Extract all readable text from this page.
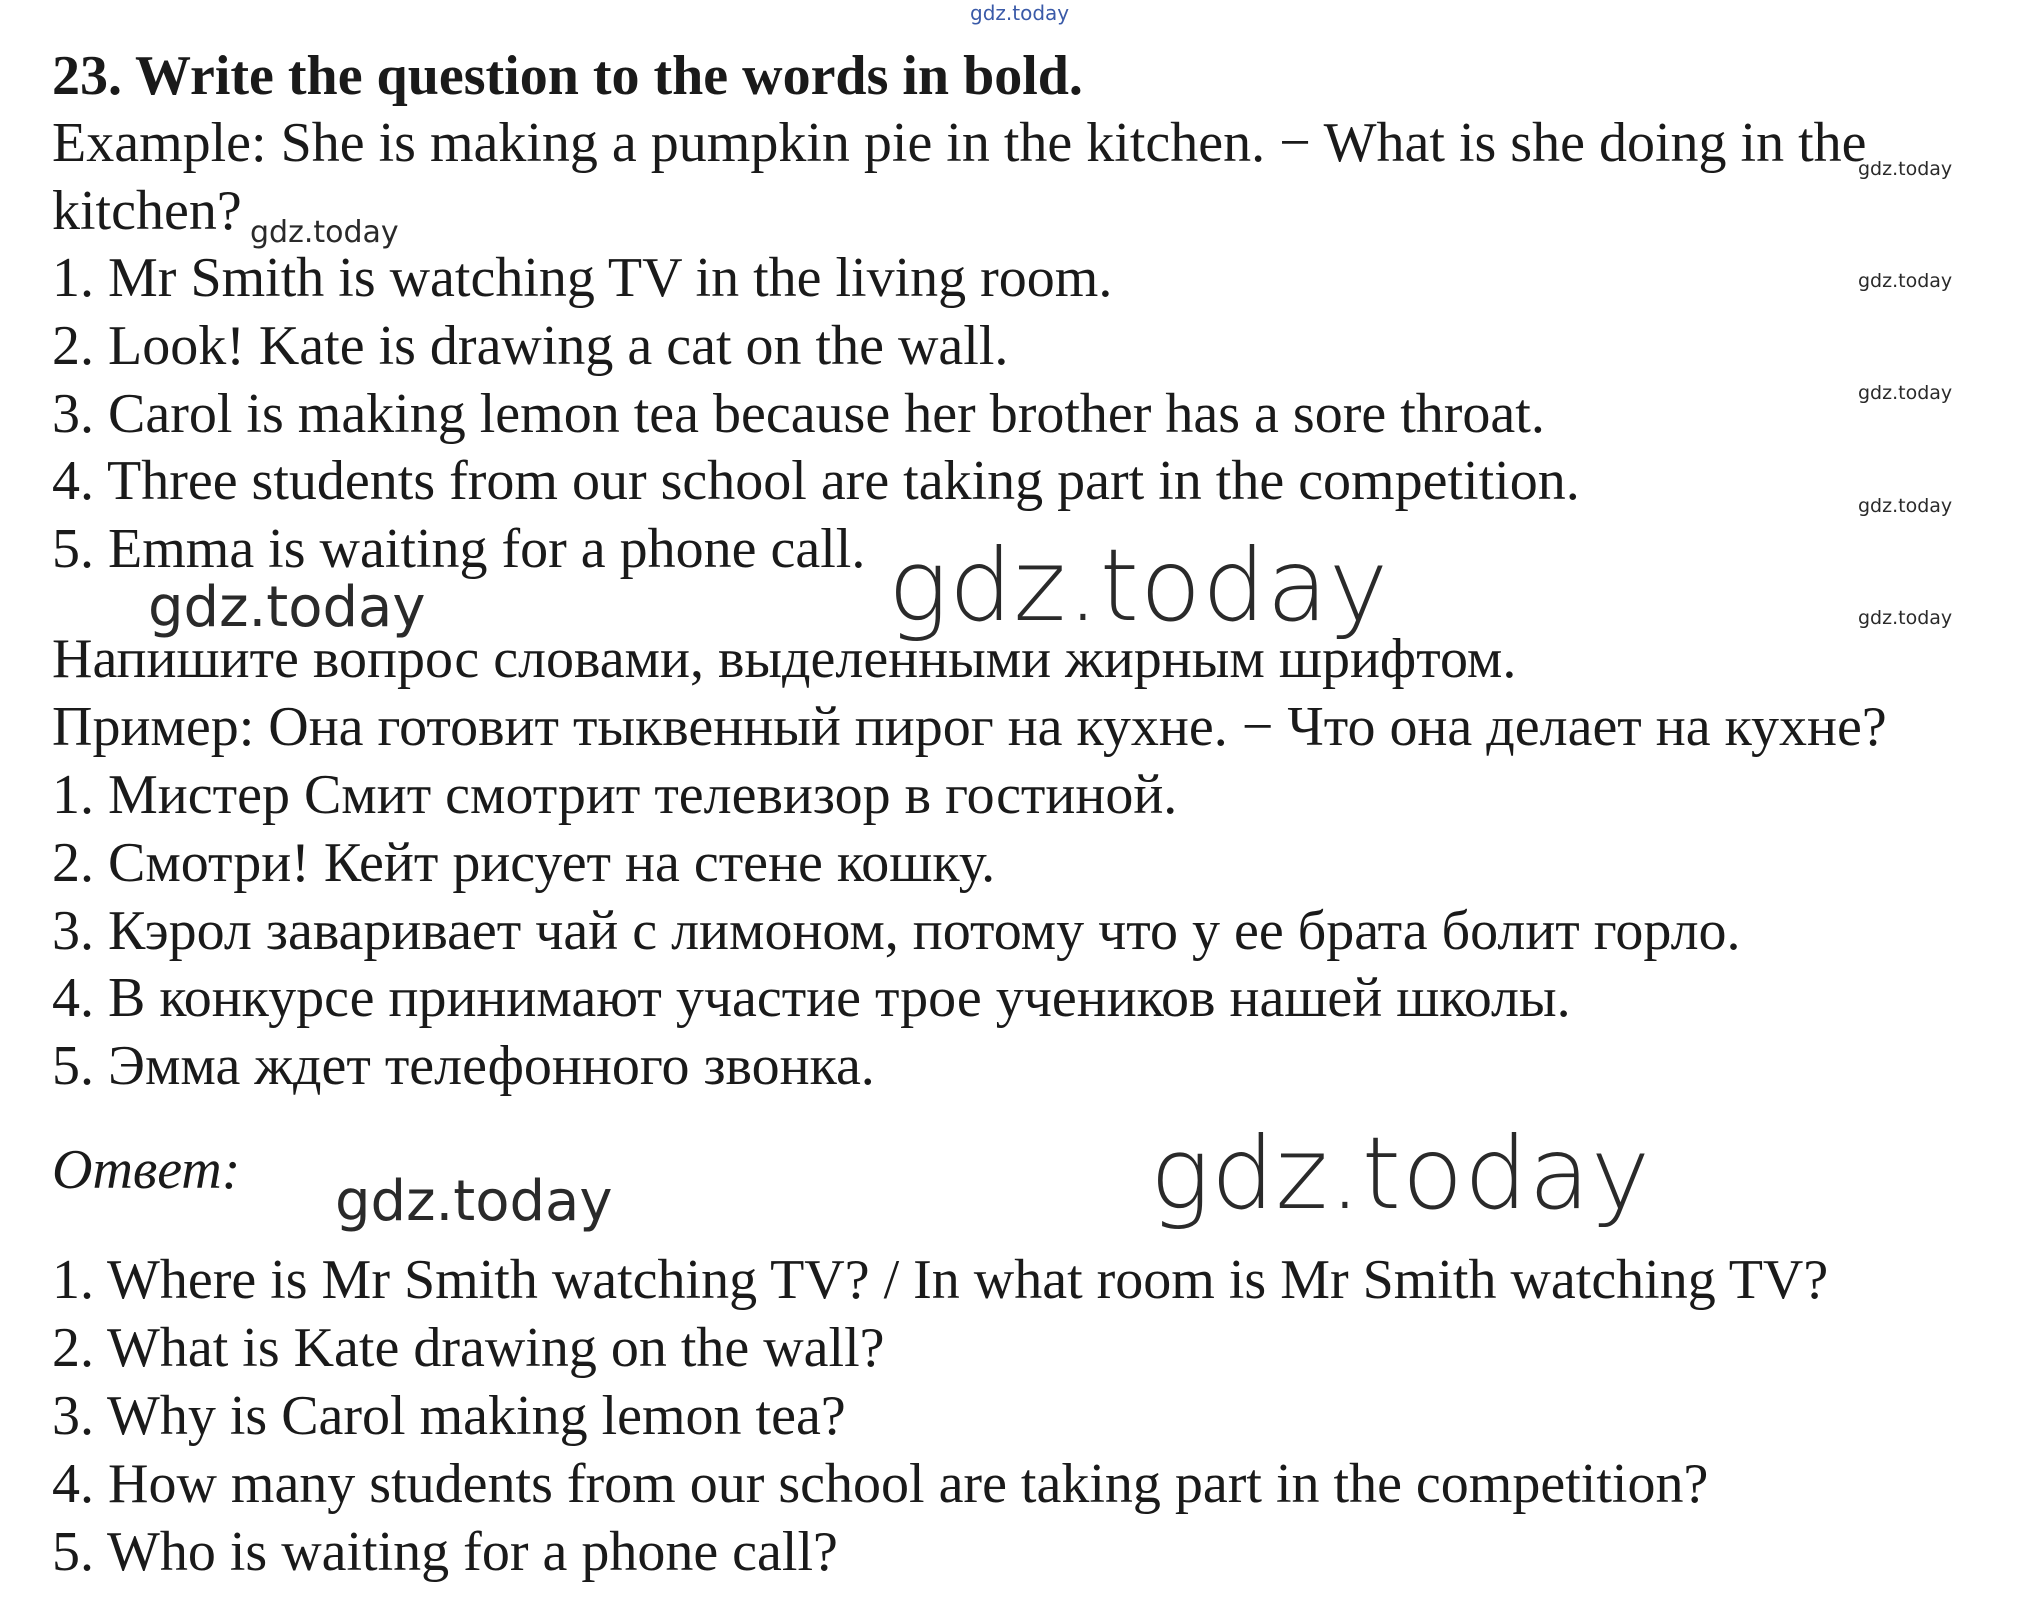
gdz.today
gdz.today
gdz.today
gdz.today
gdz.today
gdz.today
gdz.today
gdz.today	gdz.today
gdz.today	gdz.today
23. Write the question to the words in bold.
Example: She is making a pumpkin pie in the kitchen. − What is she doing in the
kitchen?
1. Mr Smith is watching TV in the living room.
2. Look! Kate is drawing a cat on the wall.
3. Carol is making lemon tea because her brother has a sore throat.
4. Three students from our school are taking part in the competition.
5. Emma is waiting for a phone call.
Напишите вопрос словами, выделенными жирным шрифтом.
Пример: Она готовит тыквенный пирог на кухне. − Что она делает на кухне?
1. Мистер Смит смотрит телевизор в гостиной.
2. Смотри! Кейт рисует на стене кошку.
3. Кэрол заваривает чай с лимоном, потому что у ее брата болит горло.
4. В конкурсе принимают участие трое учеников нашей школы.
5. Эмма ждет телефонного звонка.
Ответ:
1. Where is Mr Smith watching TV? / In what room is Mr Smith watching TV?
2. What is Kate drawing on the wall?
3. Why is Carol making lemon tea?
4. How many students from our school are taking part in the competition?
5. Who is waiting for a phone call?
